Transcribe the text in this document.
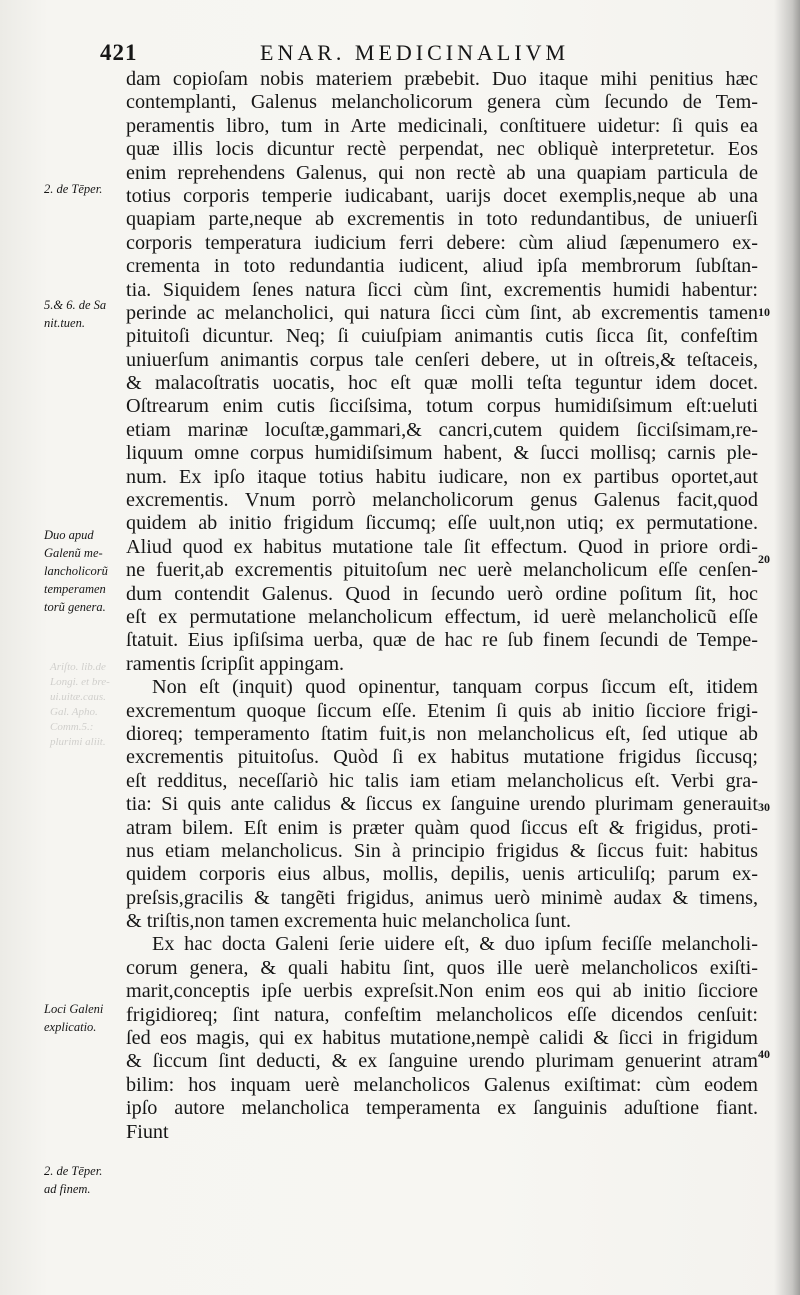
421	ENAR. MEDICINALIVM
Ariſto. lib.de
Longi. et bre-
ui.uitæ.caus.
Gal. Apho.
Comm.5.:
plurimi aliit.
dam copioſam nobis materiem præbebit. Duo itaque mihi penitius hæc
contemplanti, Galenus melancholicorum genera cùm ſecundo de Tem-
peramentis libro, tum in Arte medicinali, conſtituere uidetur: ſi quis ea
quæ illis locis dicuntur rectè perpendat, nec obliquè interpretetur. Eos
enim reprehendens Galenus, qui non rectè ab una quapiam particula de
totius corporis temperie iudicabant, uarijs docet exemplis,neque ab una
quapiam parte,neque ab excrementis in toto redundantibus, de uniuerſi
corporis temperatura iudicium ferri debere: cùm aliud ſæpenumero ex-
crementa in toto redundantia iudicent, aliud ipſa membrorum ſubſtan-
tia. Siquidem ſenes natura ſicci cùm ſint, excrementis humidi habentur:
perinde ac melancholici, qui natura ſicci cùm ſint, ab excrementis tamen
pituitoſi dicuntur. Neq; ſi cuiuſpiam animantis cutis ſicca ſit, confeſtim
uniuerſum animantis corpus tale cenſeri debere, ut in oſtreis,& teſtaceis,
& malacoſtratis uocatis, hoc eſt quæ molli teſta teguntur idem docet.
Oſtrearum enim cutis ſicciſsima, totum corpus humidiſsimum eſt:ueluti
etiam marinæ locuſtæ,gammari,& cancri,cutem quidem ſicciſsimam,re-
liquum omne corpus humidiſsimum habent, & ſucci mollisq; carnis ple-
num. Ex ipſo itaque totius habitu iudicare, non ex partibus oportet,aut
excrementis. Vnum porrò melancholicorum genus Galenus facit,quod
quidem ab initio frigidum ſiccumq; eſſe uult,non utiq; ex permutatione.
Aliud quod ex habitus mutatione tale ſit effectum. Quod in priore ordi-
ne fuerit,ab excrementis pituitoſum nec uerè melancholicum eſſe cenſen-
dum contendit Galenus. Quod in ſecundo uerò ordine poſitum ſit, hoc
eſt ex permutatione melancholicum effectum, id uerè melancholicũ eſſe
ſtatuit. Eius ipſiſsima uerba, quæ de hac re ſub finem ſecundi de Tempe-
ramentis ſcripſit appingam.
Non eſt (inquit) quod opinentur, tanquam corpus ſiccum eſt, itidem
excrementum quoque ſiccum eſſe. Etenim ſi quis ab initio ſicciore frigi-
dioreq; temperamento ſtatim fuit,is non melancholicus eſt, ſed utique ab
excrementis pituitoſus. Quòd ſi ex habitus mutatione frigidus ſiccusq;
eſt redditus, neceſſariò hic talis iam etiam melancholicus eſt. Verbi gra-
tia: Si quis ante calidus & ſiccus ex ſanguine urendo plurimam generauit
atram bilem. Eſt enim is præter quàm quod ſiccus eſt & frigidus, proti-
nus etiam melancholicus. Sin à principio frigidus & ſiccus fuit: habitus
quidem corporis eius albus, mollis, depilis, uenis articuliſq; parum ex-
preſsis,gracilis & tangẽti frigidus, animus uerò minimè audax & timens,
& triſtis,non tamen excrementa huic melancholica ſunt.
Ex hac docta Galeni ſerie uidere eſt, & duo ipſum feciſſe melancholi-
corum genera, & quali habitu ſint, quos ille uerè melancholicos exiſti-
marit,conceptis ipſe uerbis expreſsit.Non enim eos qui ab initio ſicciore
frigidioreq; ſint natura, confeſtim melancholicos eſſe dicendos cenſuit:
ſed eos magis, qui ex habitus mutatione,nempè calidi & ſicci in frigidum
& ſiccum ſint deducti, & ex ſanguine urendo plurimam genuerint atram
bilim: hos inquam uerè melancholicos Galenus exiſtimat: cùm eodem
ipſo autore melancholica temperamenta ex ſanguinis aduſtione fiant.
Fiunt
2. de Tēper.
5.& 6. de Sa
nit.tuen.
Duo apud
Galenũ me-
lancholicorũ
temperamen
torũ genera.
Loci Galeni
explicatio.
2. de Tēper.
ad finem.
10
20
30
40
